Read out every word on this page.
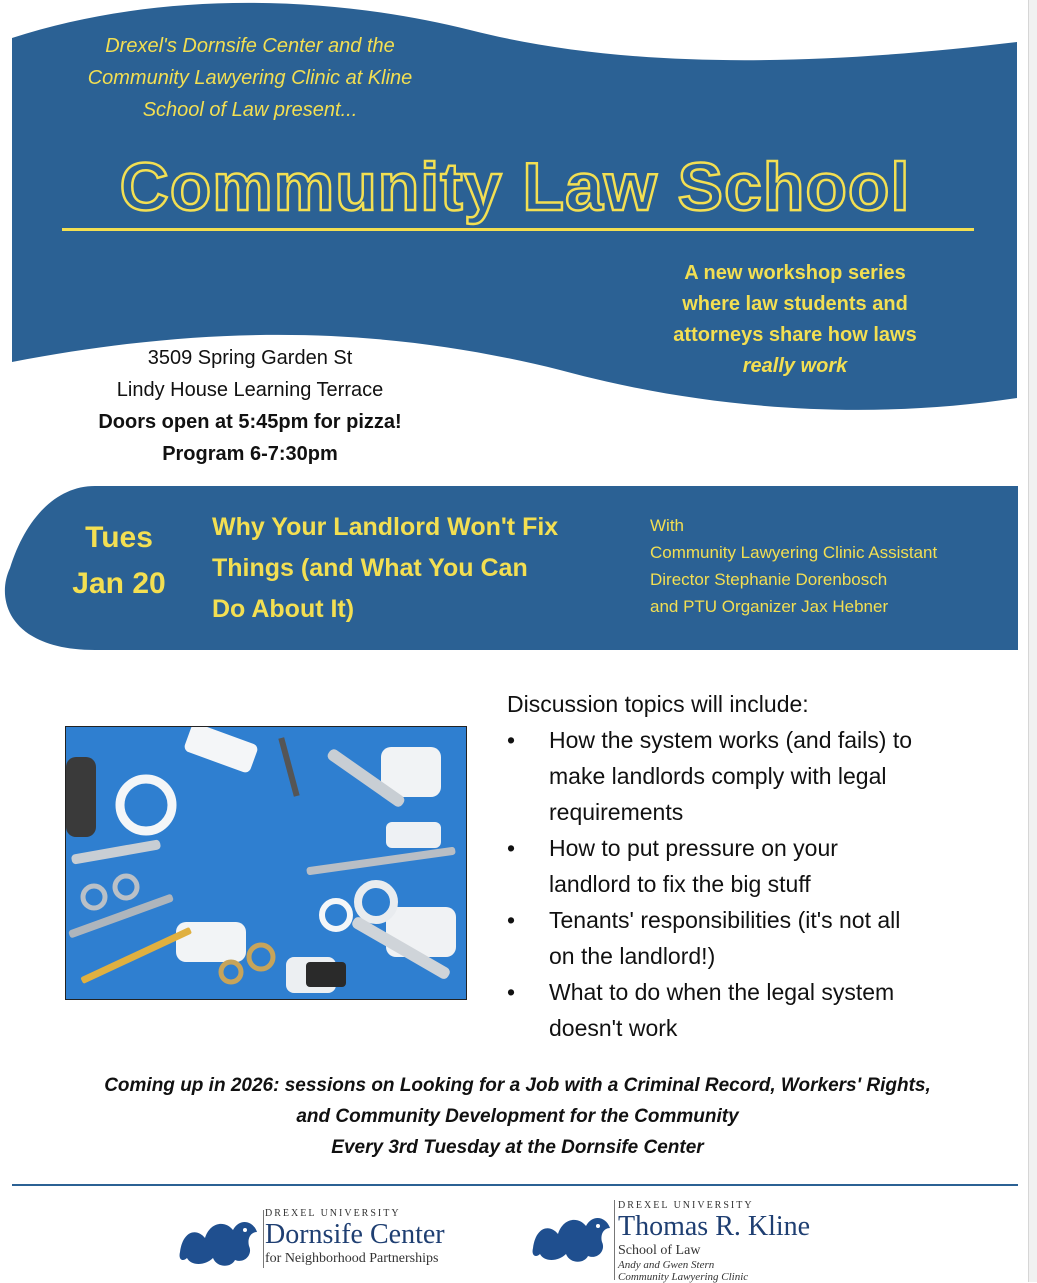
Drexel's Dornsife Center and the
Community Lawyering Clinic at Kline
School of Law present...
Community Law School
A new workshop series
where law students and
attorneys share how laws
really work
3509 Spring Garden St
Lindy House Learning Terrace
Doors open at 5:45pm for pizza!
Program 6-7:30pm
Tues
Jan 20
Why Your Landlord Won't Fix
Things (and What You Can
Do About It)
With
Community Lawyering Clinic Assistant
Director Stephanie Dorenbosch
and PTU Organizer Jax Hebner
Discussion topics will include:
• How the system works (and fails) to
make landlords comply with legal
requirements
• How to put pressure on your
landlord to fix the big stuff
• Tenants' responsibilities (it's not all
on the landlord!)
• What to do when the legal system
doesn't work
Coming up in 2026: sessions on Looking for a Job with a Criminal Record, Workers' Rights,
and Community Development for the Community
Every 3rd Tuesday at the Dornsife Center
DREXEL UNIVERSITY
Dornsife Center
for Neighborhood Partnerships
DREXEL UNIVERSITY
Thomas R. Kline
School of Law
Andy and Gwen Stern
Community Lawyering Clinic
